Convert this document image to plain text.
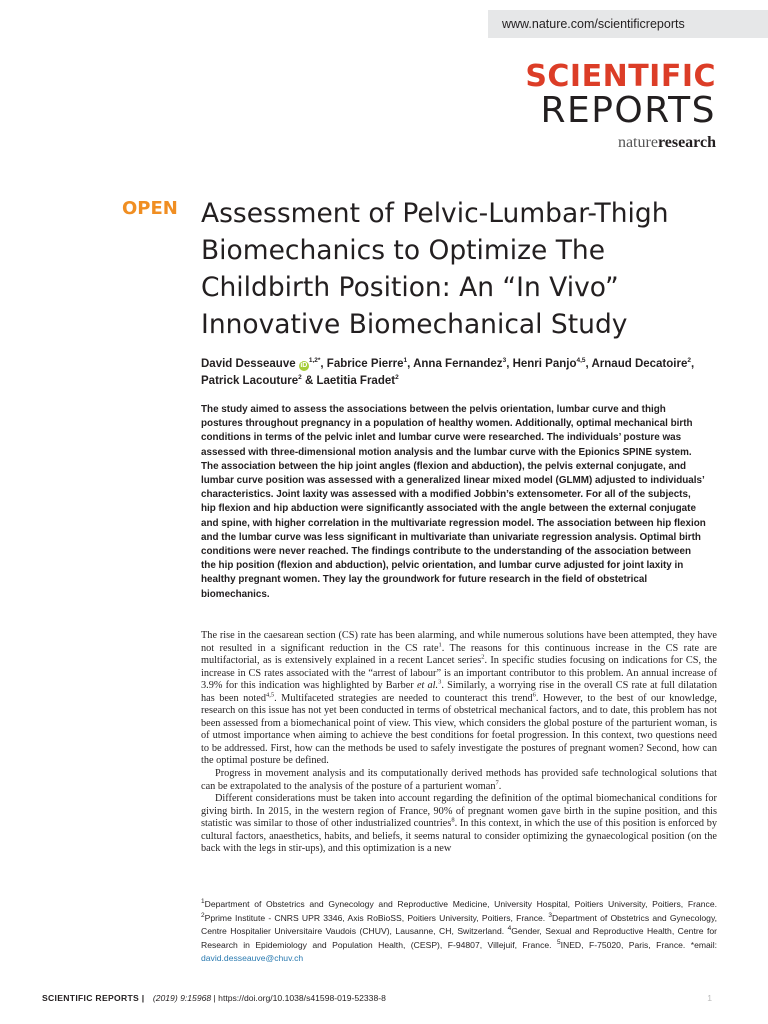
www.nature.com/scientificreports
SCIENTIFIC
REPORTS
natureresearch
OPEN Assessment of Pelvic-Lumbar-Thigh Biomechanics to Optimize The Childbirth Position: An “In Vivo” Innovative Biomechanical Study
David Desseauve $iD^{1,2*}$, Fabrice Pierre$^1$, Anna Fernandez$^3$, Henri Panjo$^{4,5}$, Arnaud Decatoire$^2$, Patrick Lacouture$^2$ & Laetitia Fradet$^2$

The study aimed to assess the associations between the pelvis orientation, lumbar curve and thigh postures throughout pregnancy in a population of healthy women. Additionally, optimal mechanical birth conditions in terms of the pelvic inlet and lumbar curve were researched. The individuals’ posture was assessed with three-dimensional motion analysis and the lumbar curve with the Epionics SPINE system. The association between the hip joint angles (flexion and abduction), the pelvis external conjugate, and lumbar curve position was assessed with a generalized linear mixed model (GLMM) adjusted to individuals’ characteristics. Joint laxity was assessed with a modified Jobbin’s extensometer. For all of the subjects, hip flexion and hip abduction were significantly associated with the angle between the external conjugate and spine, with higher correlation in the multivariate regression model. The association between hip flexion and the lumbar curve was less significant in multivariate than univariate regression analysis. Optimal birth conditions were never reached. The findings contribute to the understanding of the association between the hip position (flexion and abduction), pelvic orientation, and lumbar curve adjusted for joint laxity in healthy pregnant women. They lay the groundwork for future research in the field of obstetrical biomechanics.

The rise in the caesarean section (CS) rate has been alarming, and while numerous solutions have been attempted, they have not resulted in a significant reduction in the CS rate$^1$. The reasons for this continuous increase in the CS rate are multifactorial, as is extensively explained in a recent Lancet series$^2$. In specific studies focusing on indications for CS, the increase in CS rates associated with the “arrest of labour” is an important contributor to this problem. An annual increase of 3.9% for this indication was highlighted by Barber et al.$^3$. Similarly, a worrying rise in the overall CS rate at full dilatation has been noted$^{4,5}$. Multifaceted strategies are needed to counteract this trend$^6$. However, to the best of our knowledge, research on this issue has not yet been conducted in terms of obstetrical mechanical factors, and to date, this problem has not been assessed from a biomechanical point of view. This view, which considers the global posture of the parturient woman, is of utmost importance when aiming to achieve the best conditions for foetal progression. In this context, two questions need to be addressed. First, how can the methods be used to safely investigate the postures of pregnant women? Second, how can the optimal posture be defined.

Progress in movement analysis and its computationally derived methods has provided safe technological solutions that can be extrapolated to the analysis of the posture of a parturient woman$^7$.

Different considerations must be taken into account regarding the definition of the optimal biomechanical conditions for giving birth. In 2015, in the western region of France, 90% of pregnant women gave birth in the supine position, and this statistic was similar to those of other industrialized countries$^8$. In this context, in which the use of this position is enforced by cultural factors, anaesthetics, habits, and beliefs, it seems natural to consider optimizing the gynaecological position (on the back with the legs in stir-ups), and this optimization is a new

$^1$Department of Obstetrics and Gynecology and Reproductive Medicine, University Hospital, Poitiers University, Poitiers, France. $^2$Pprime Institute - CNRS UPR 3346, Axis RoBioSS, Poitiers University, Poitiers, France. $^3$Department of Obstetrics and Gynecology, Centre Hospitalier Universitaire Vaudois (CHUV), Lausanne, CH, Switzerland. $^4$Gender, Sexual and Reproductive Health, Centre for Research in Epidemiology and Population Health, (CESP), F-94807, Villejuif, France. $^5$INED, F-75020, Paris, France. *email: david.desseauve@chuv.ch

SCIENTIFIC REPORTS | (2019) 9:15968 | https://doi.org/10.1038/s41598-019-52338-8	1
